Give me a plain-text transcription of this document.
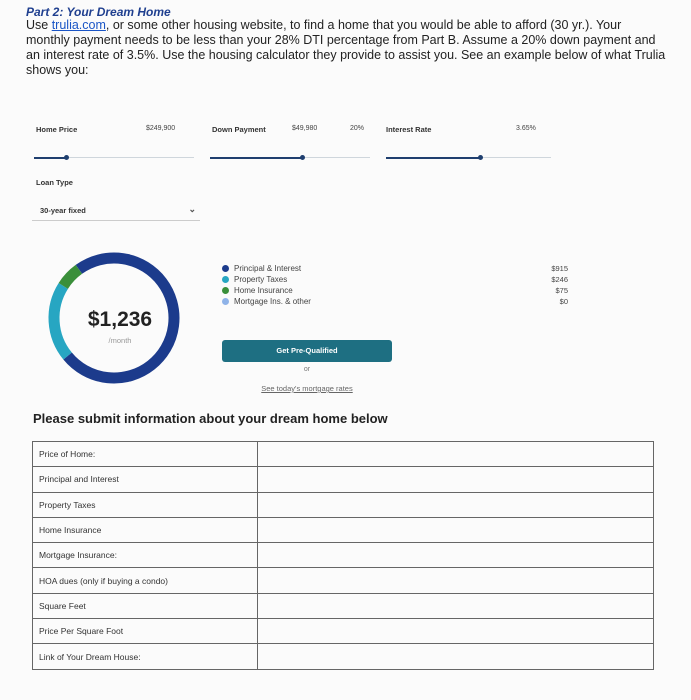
Part 2: Your Dream Home
Use trulia.com, or some other housing website, to find a home that you would be able to afford (30 yr.). Your monthly payment needs to be less than your 28% DTI percentage from Part B. Assume a 20% down payment and an interest rate of 3.5%. Use the housing calculator they provide to assist you. See an example below of what Trulia shows you:
Home Price	$249,900	Down Payment	$49,980	20%	Interest Rate	3.65%
Loan Type
30-year fixed	⌄
$1,236
/month
Principal & Interest
Property Taxes
Home Insurance
Mortgage Ins. & other
$915
$246
$75
$0
Get Pre-Qualified
or
See today's mortgage rates
Please submit information about your dream home below
Price of Home:	
Principal and Interest	
Property Taxes	
Home Insurance	
Mortgage Insurance:	
HOA dues (only if buying a condo)	
Square Feet	
Price Per Square Foot	
Link of Your Dream House:	
